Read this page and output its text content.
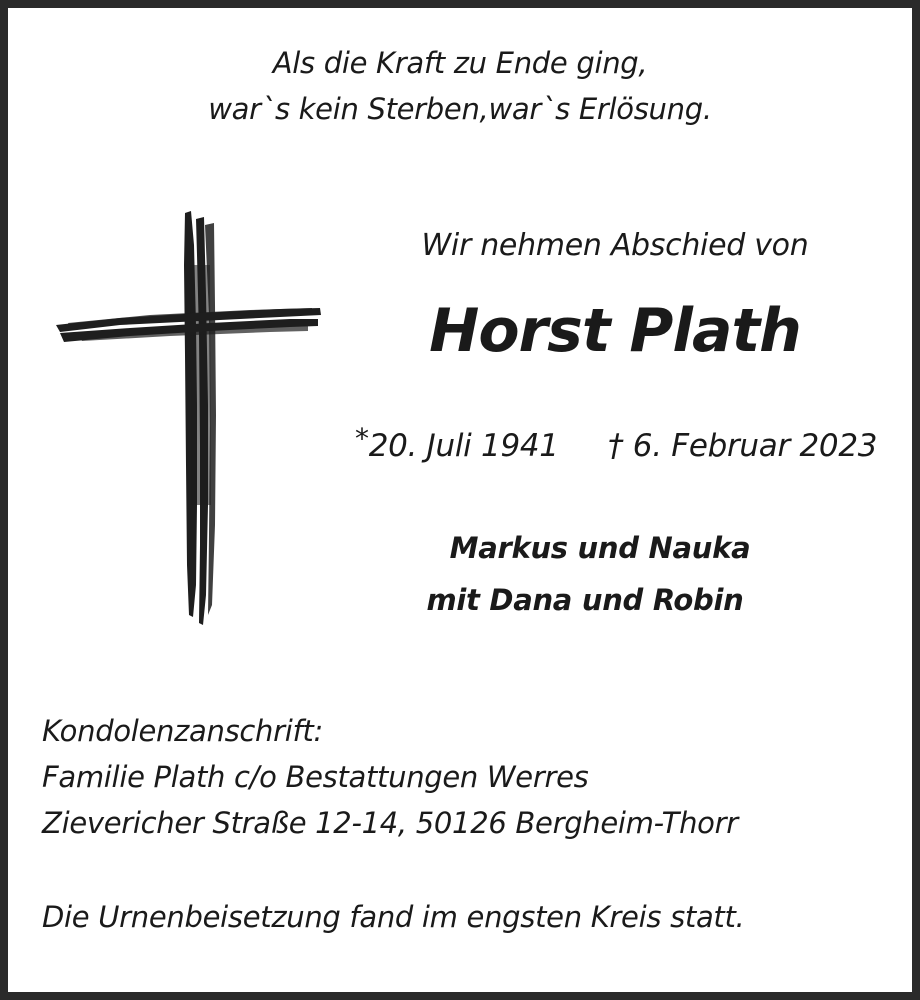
Als die Kraft zu Ende ging,
war`s kein Sterben,war`s Erlösung.
Wir nehmen Abschied von
Horst Plath
*20. Juli 1941 † 6. Februar 2023
Markus und Nauka
mit Dana und Robin
Kondolenzanschrift:
Familie Plath c/o Bestattungen Werres
Zievericher Straße 12-14, 50126 Bergheim-Thorr
Die Urnenbeisetzung fand im engsten Kreis statt.
